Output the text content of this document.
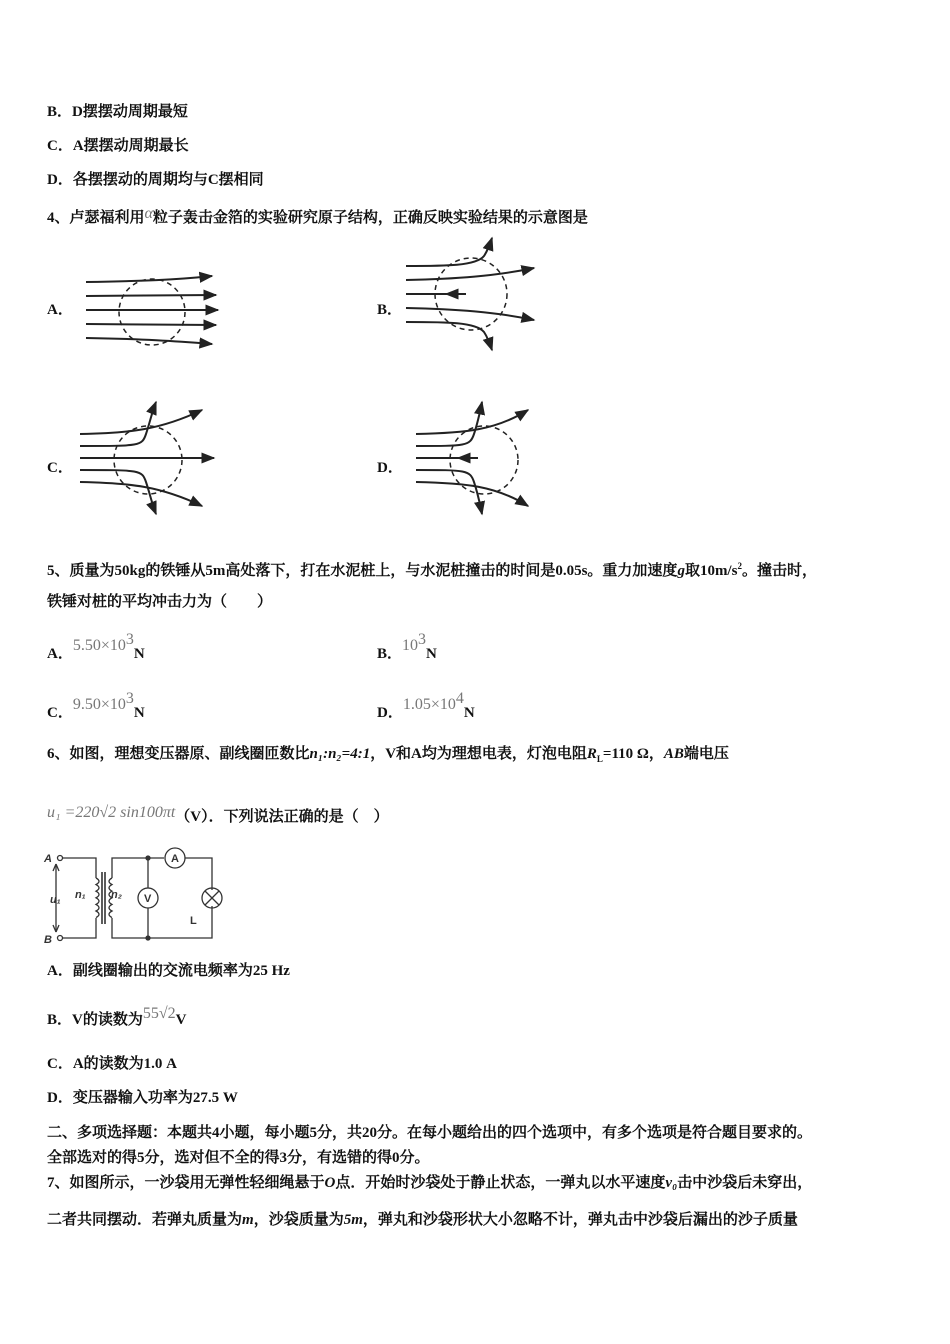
B．D摆摆动周期最短
C．A摆摆动周期最长
D．各摆摆动的周期均与C摆相同
4、卢瑟福利用α粒子轰击金箔的实验研究原子结构，正确反映实验结果的示意图是
A．	B．
C．	D．
5、质量为50kg的铁锤从5m高处落下，打在水泥桩上，与水泥桩撞击的时间是0.05s。重力加速度g取$10m/s^2$。撞击时，
铁锤对桩的平均冲击力为（　　）
A．$5.50\times 10^3N$	B．$10^3N$
C．$9.50\times 10^3N$	D．$1.05\times 10^4N$
6、如图，理想变压器原、副线圈匝数比n₁:n₂=4:1，V和A均为理想电表，灯泡电阻$R_L=110$ Ω，AB端电压
u₁ =220√2 sin100πt（V）．下列说法正确的是（　）
A
B
u₁ n₁ n₂
A
V
L
A．副线圈输出的交流电频率为25 Hz
B．V的读数为55√2V
C．A的读数为1.0 A
D．变压器输入功率为27.5 W
二、多项选择题：本题共4小题，每小题5分，共20分。在每小题给出的四个选项中，有多个选项是符合题目要求的。
全部选对的得5分，选对但不全的得3分，有选错的得0分。
7、如图所示，一沙袋用无弹性轻细绳悬于O点．开始时沙袋处于静止状态，一弹丸以水平速度v₀击中沙袋后未穿出，
二者共同摆动．若弹丸质量为m，沙袋质量为5m，弹丸和沙袋形状大小忽略不计，弹丸击中沙袋后漏出的沙子质量
